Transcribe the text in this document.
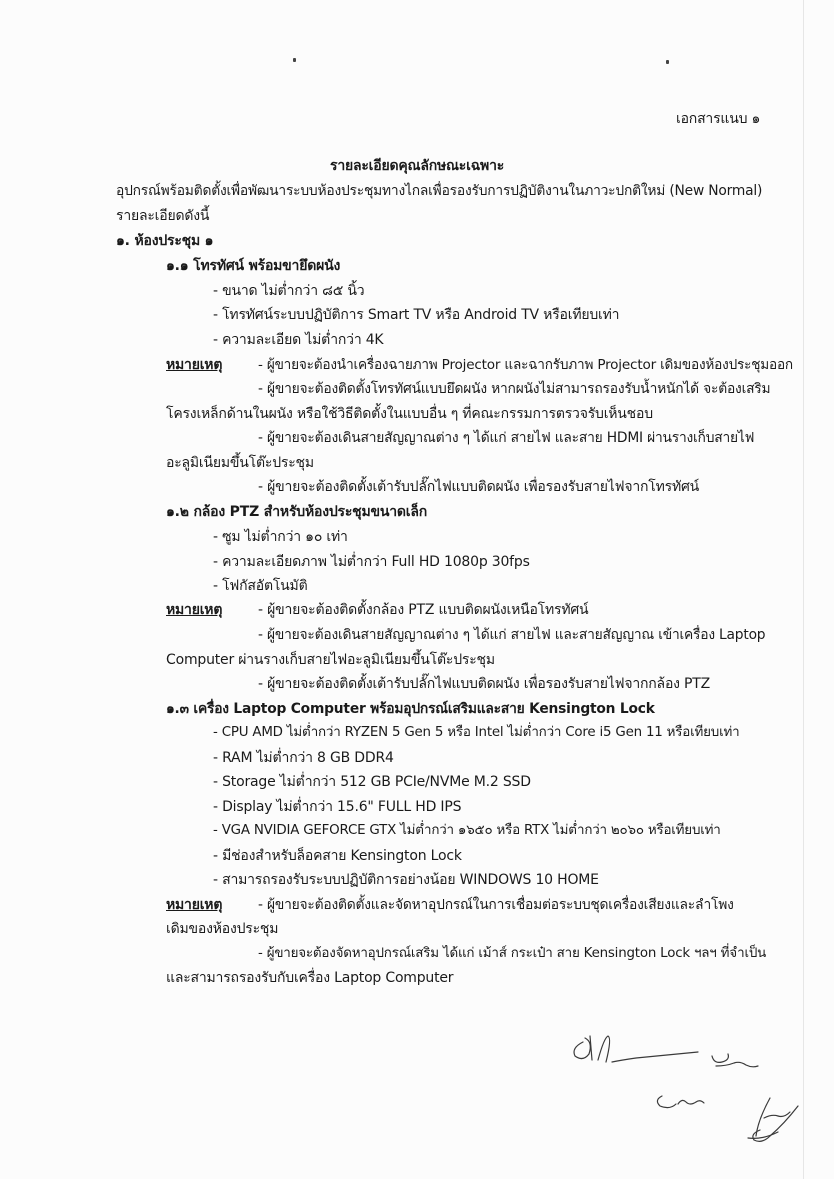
เอกสารแนบ ๑
รายละเอียดคุณลักษณะเฉพาะ
อุปกรณ์พร้อมติดตั้งเพื่อพัฒนาระบบห้องประชุมทางไกลเพื่อรองรับการปฏิบัติงานในภาวะปกติใหม่ (New Normal)
รายละเอียดดังนี้
๑. ห้องประชุม ๑
๑.๑ โทรทัศน์ พร้อมขายึดผนัง
- ขนาด ไม่ต่ำกว่า ๘๕ นิ้ว
- โทรทัศน์ระบบปฏิบัติการ Smart TV หรือ Android TV หรือเทียบเท่า
- ความละเอียด ไม่ต่ำกว่า 4K
หมายเหตุ	- ผู้ขายจะต้องนำเครื่องฉายภาพ Projector และฉากรับภาพ Projector เดิมของห้องประชุมออก
- ผู้ขายจะต้องติดตั้งโทรทัศน์แบบยึดผนัง หากผนังไม่สามารถรองรับน้ำหนักได้ จะต้องเสริม
โครงเหล็กด้านในผนัง หรือใช้วิธีติดตั้งในแบบอื่น ๆ ที่คณะกรรมการตรวจรับเห็นชอบ
- ผู้ขายจะต้องเดินสายสัญญาณต่าง ๆ ได้แก่ สายไฟ และสาย HDMI ผ่านรางเก็บสายไฟ
อะลูมิเนียมขึ้นโต๊ะประชุม
- ผู้ขายจะต้องติดตั้งเต้ารับปลั๊กไฟแบบติดผนัง เพื่อรองรับสายไฟจากโทรทัศน์
๑.๒ กล้อง PTZ สำหรับห้องประชุมขนาดเล็ก
- ซูม ไม่ต่ำกว่า ๑๐ เท่า
- ความละเอียดภาพ ไม่ต่ำกว่า Full HD 1080p 30fps
- โฟกัสอัตโนมัติ
หมายเหตุ	- ผู้ขายจะต้องติดตั้งกล้อง PTZ แบบติดผนังเหนือโทรทัศน์
- ผู้ขายจะต้องเดินสายสัญญาณต่าง ๆ ได้แก่ สายไฟ และสายสัญญาณ เข้าเครื่อง Laptop
Computer ผ่านรางเก็บสายไฟอะลูมิเนียมขึ้นโต๊ะประชุม
- ผู้ขายจะต้องติดตั้งเต้ารับปลั๊กไฟแบบติดผนัง เพื่อรองรับสายไฟจากกล้อง PTZ
๑.๓ เครื่อง Laptop Computer พร้อมอุปกรณ์เสริมและสาย Kensington Lock
- CPU AMD ไม่ต่ำกว่า RYZEN 5 Gen 5 หรือ Intel ไม่ต่ำกว่า Core i5 Gen 11 หรือเทียบเท่า
- RAM ไม่ต่ำกว่า 8 GB DDR4
- Storage ไม่ต่ำกว่า 512 GB PCIe/NVMe M.2 SSD
- Display ไม่ต่ำกว่า 15.6" FULL HD IPS
- VGA NVIDIA GEFORCE GTX ไม่ต่ำกว่า ๑๖๕๐ หรือ RTX ไม่ต่ำกว่า ๒๐๖๐ หรือเทียบเท่า
- มีช่องสำหรับล็อคสาย Kensington Lock
- สามารถรองรับระบบปฏิบัติการอย่างน้อย WINDOWS 10 HOME
หมายเหตุ	- ผู้ขายจะต้องติดตั้งและจัดหาอุปกรณ์ในการเชื่อมต่อระบบชุดเครื่องเสียงและลำโพง
เดิมของห้องประชุม
- ผู้ขายจะต้องจัดหาอุปกรณ์เสริม ได้แก่ เม้าส์ กระเป๋า สาย Kensington Lock ฯลฯ ที่จำเป็น
และสามารถรองรับกับเครื่อง Laptop Computer
